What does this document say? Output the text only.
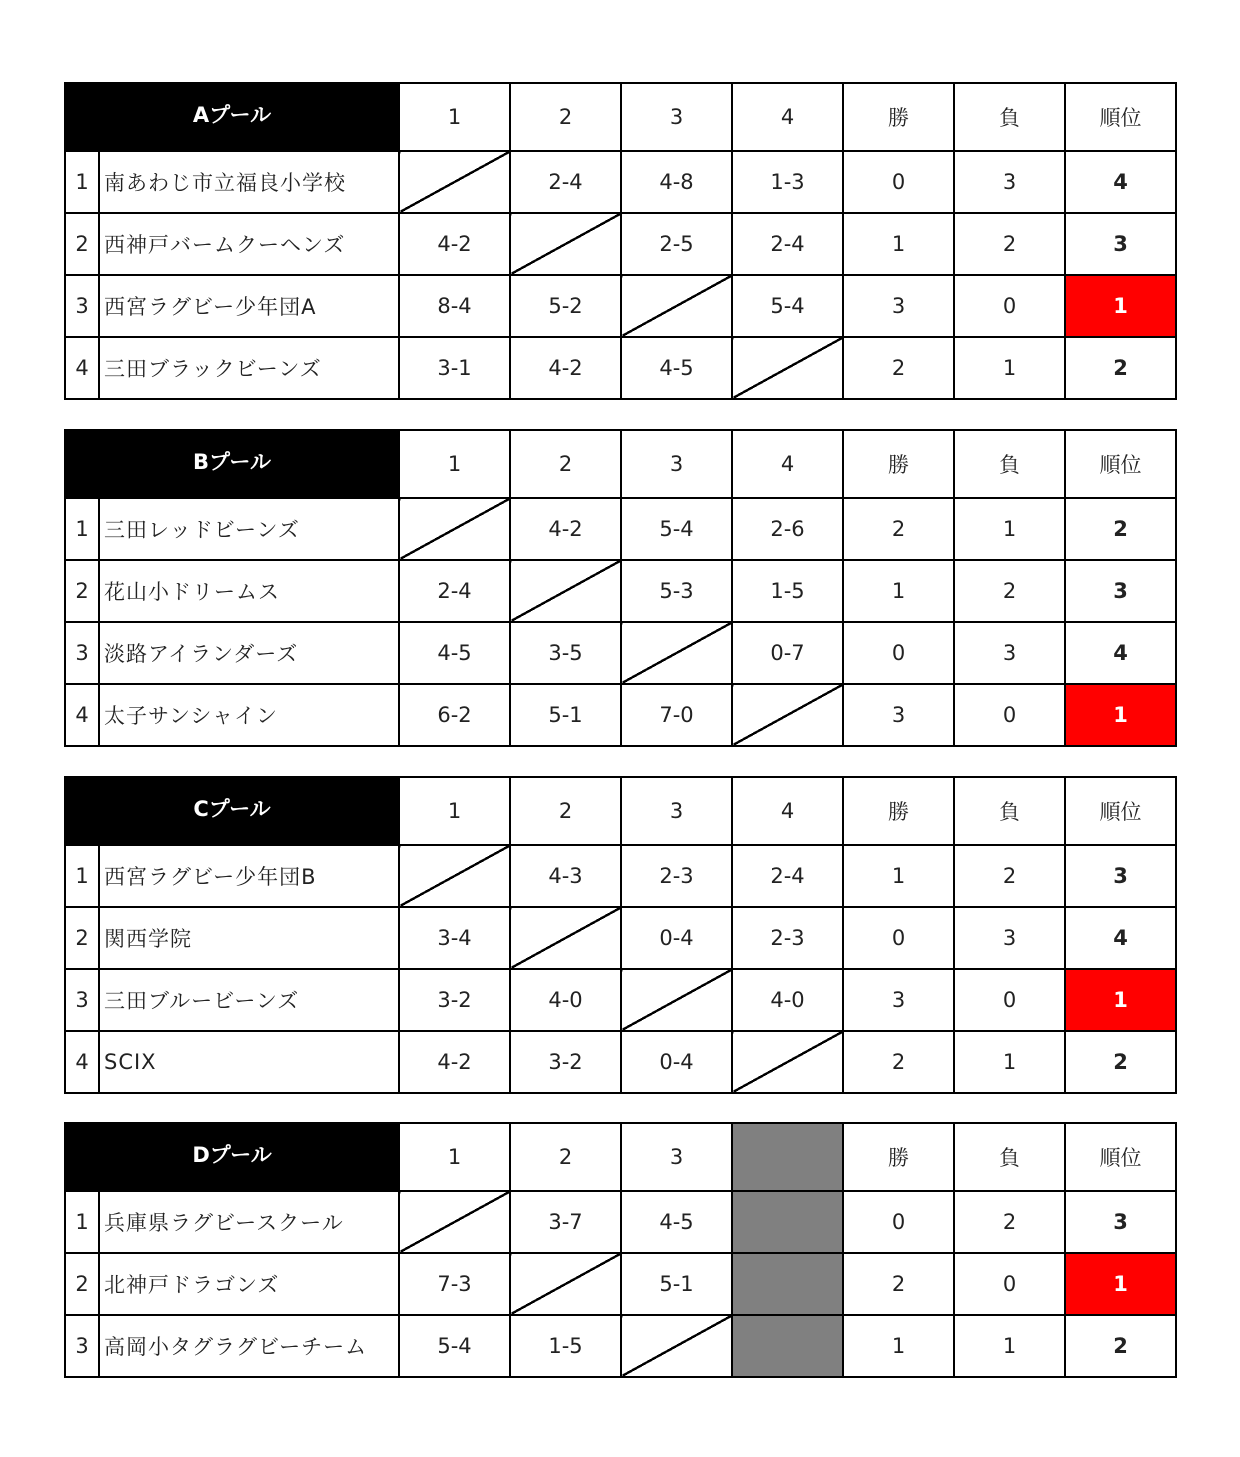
Aプール		1	2	3	4	勝	負	順位
1	南あわじ市立福良小学校		2-4	4-8	1-3	0	3	4
2	西神戸バームクーヘンズ	4-2		2-5	2-4	1	2	3
3	西宮ラグビー少年団A	8-4	5-2		5-4	3	0	1
4	三田ブラックビーンズ	3-1	4-2	4-5		2	1	2
Bプール		1	2	3	4	勝	負	順位
1	三田レッドビーンズ		4-2	5-4	2-6	2	1	2
2	花山小ドリームス	2-4		5-3	1-5	1	2	3
3	淡路アイランダーズ	4-5	3-5		0-7	0	3	4
4	太子サンシャイン	6-2	5-1	7-0		3	0	1
Cプール		1	2	3	4	勝	負	順位
1	西宮ラグビー少年団B		4-3	2-3	2-4	1	2	3
2	関西学院	3-4		0-4	2-3	0	3	4
3	三田ブルービーンズ	3-2	4-0		4-0	3	0	1
4	SCIX	4-2	3-2	0-4		2	1	2
Dプール		1	2	3		勝	負	順位
1	兵庫県ラグビースクール		3-7	4-5		0	2	3
2	北神戸ドラゴンズ	7-3		5-1		2	0	1
3	高岡小タグラグビーチーム	5-4	1-5			1	1	2
